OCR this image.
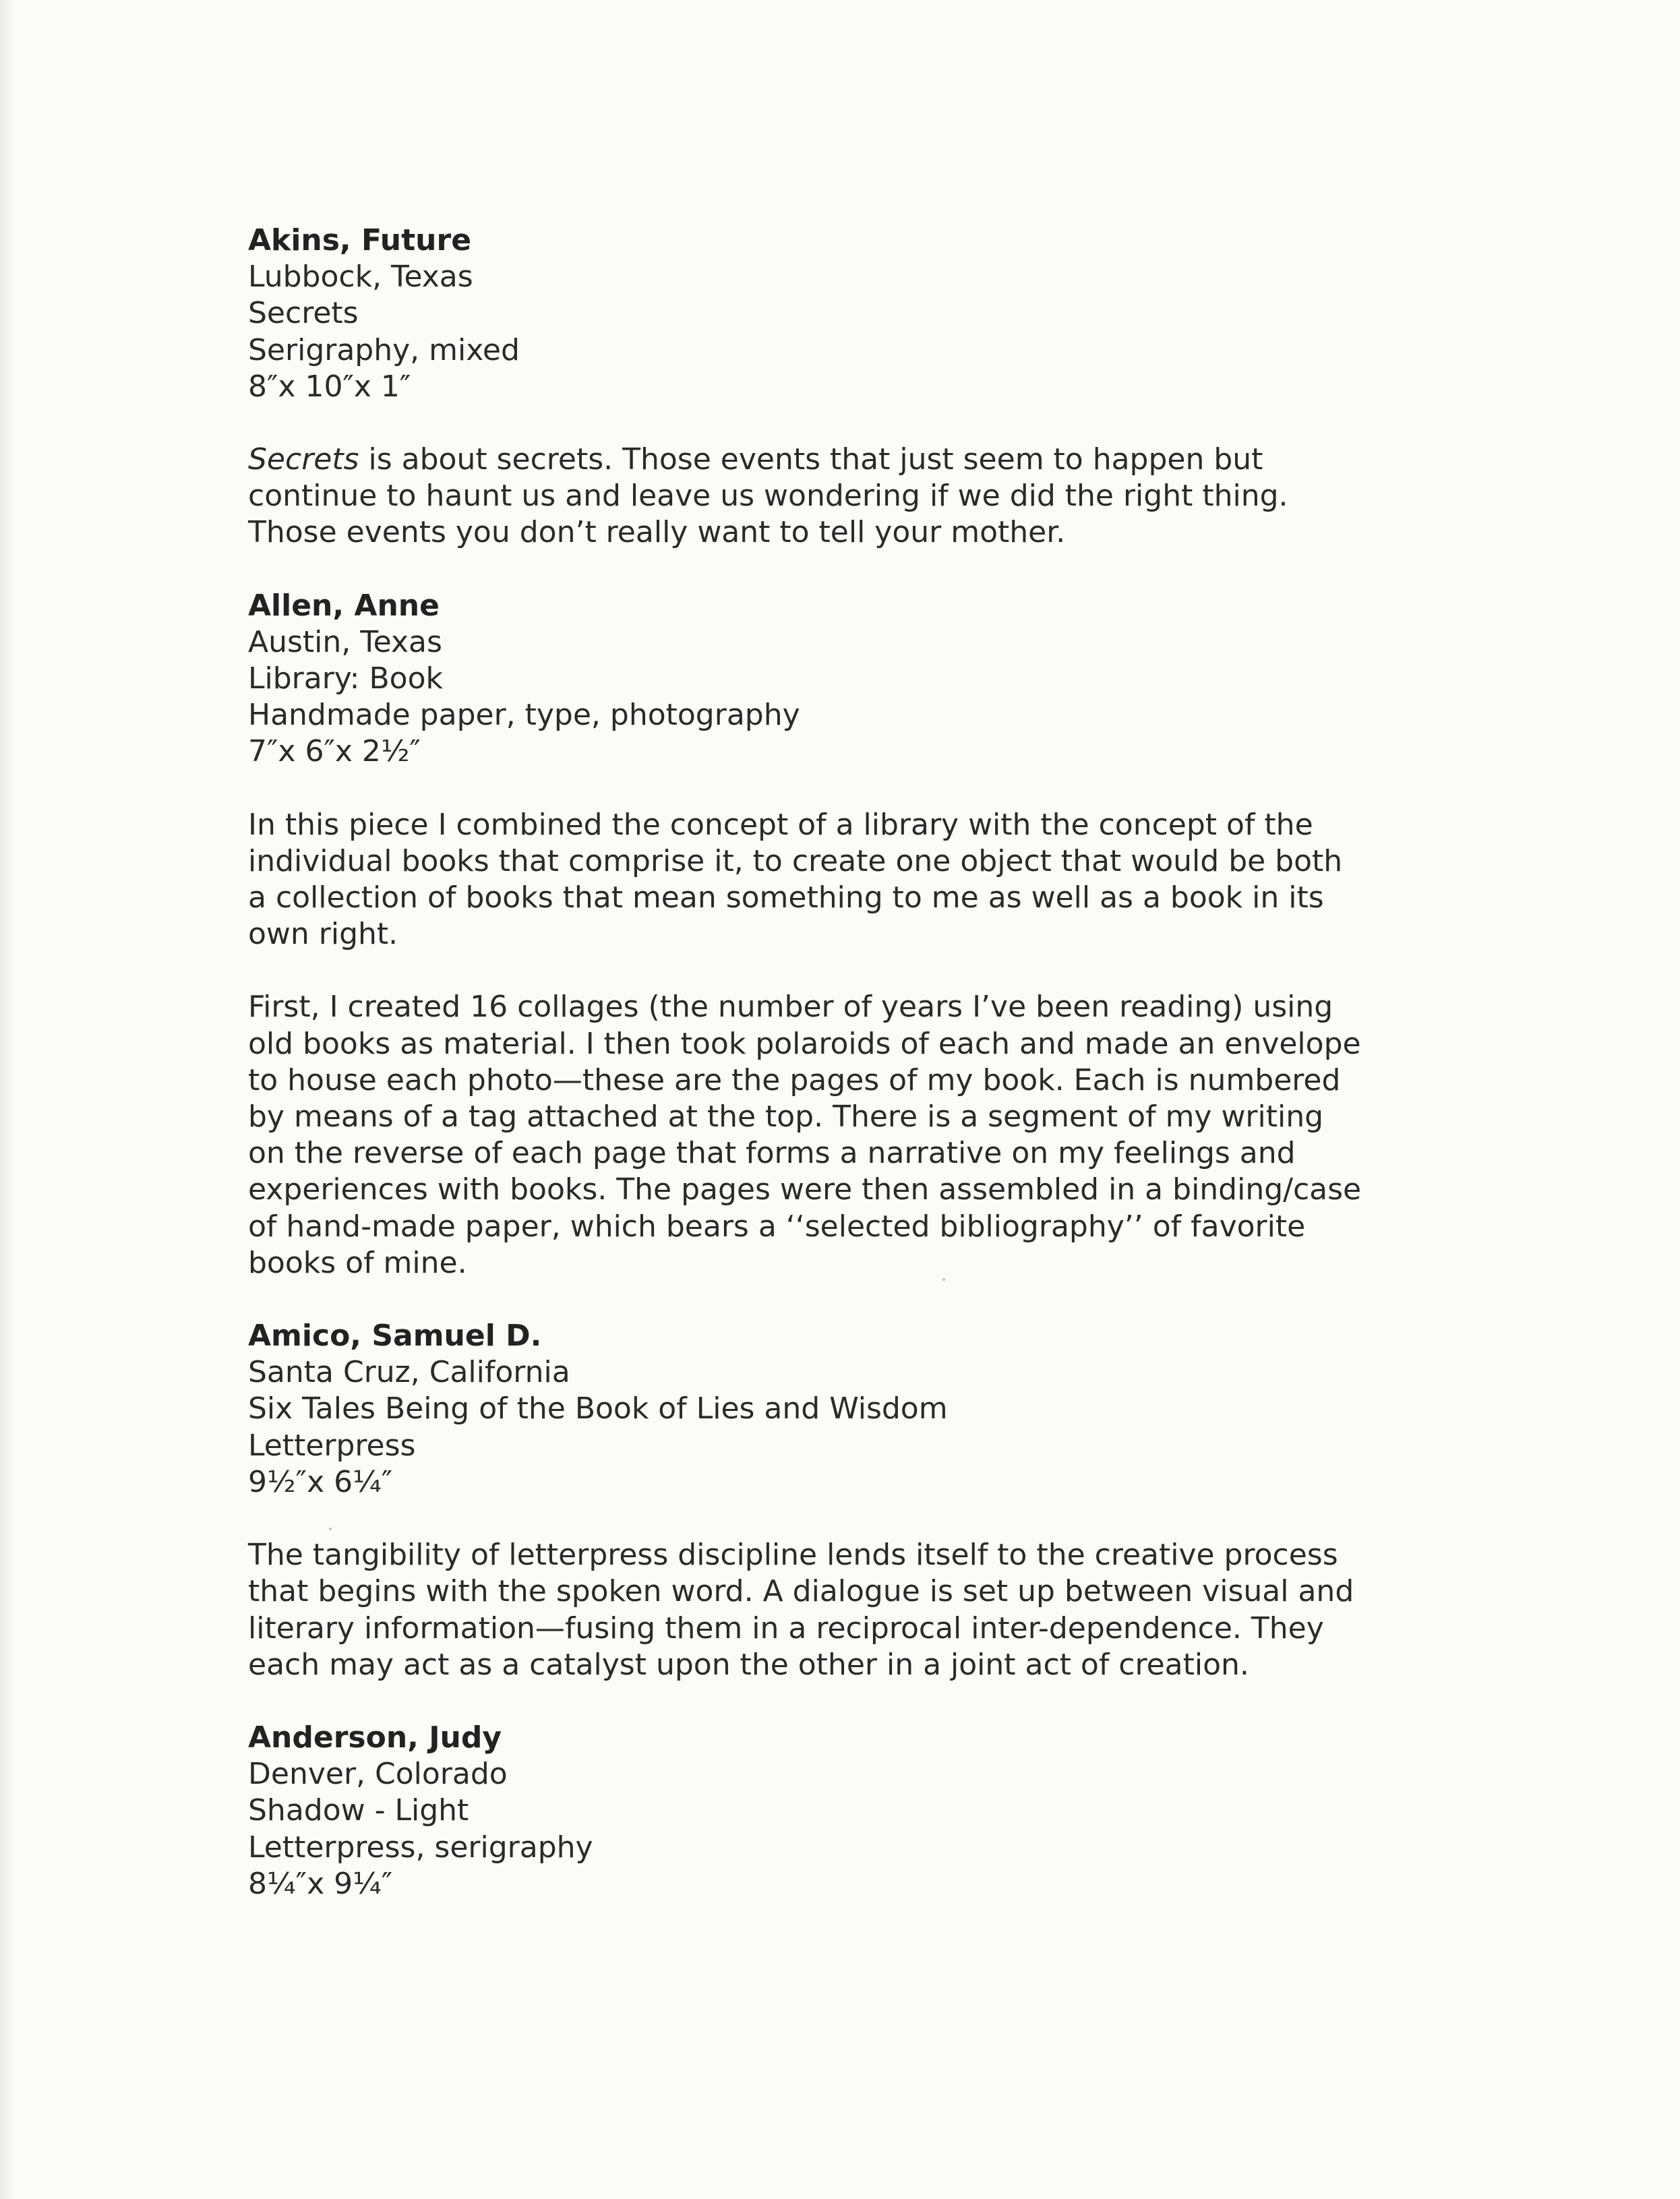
Akins, Future
Lubbock, Texas
Secrets
Serigraphy, mixed
8″x 10″x 1″
Secrets is about secrets. Those events that just seem to happen but
continue to haunt us and leave us wondering if we did the right thing.
Those events you don’t really want to tell your mother.
Allen, Anne
Austin, Texas
Library: Book
Handmade paper, type, photography
7″x 6″x 2½″
In this piece I combined the concept of a library with the concept of the
individual books that comprise it, to create one object that would be both
a collection of books that mean something to me as well as a book in its
own right.
First, I created 16 collages (the number of years I’ve been reading) using
old books as material. I then took polaroids of each and made an envelope
to house each photo—these are the pages of my book. Each is numbered
by means of a tag attached at the top. There is a segment of my writing
on the reverse of each page that forms a narrative on my feelings and
experiences with books. The pages were then assembled in a binding/case
of hand-made paper, which bears a ‘‘selected bibliography’’ of favorite
books of mine.
Amico, Samuel D.
Santa Cruz, California
Six Tales Being of the Book of Lies and Wisdom
Letterpress
9½″x 6¼″
The tangibility of letterpress discipline lends itself to the creative process
that begins with the spoken word. A dialogue is set up between visual and
literary information—fusing them in a reciprocal inter-dependence. They
each may act as a catalyst upon the other in a joint act of creation.
Anderson, Judy
Denver, Colorado
Shadow - Light
Letterpress, serigraphy
8¼″x 9¼″
